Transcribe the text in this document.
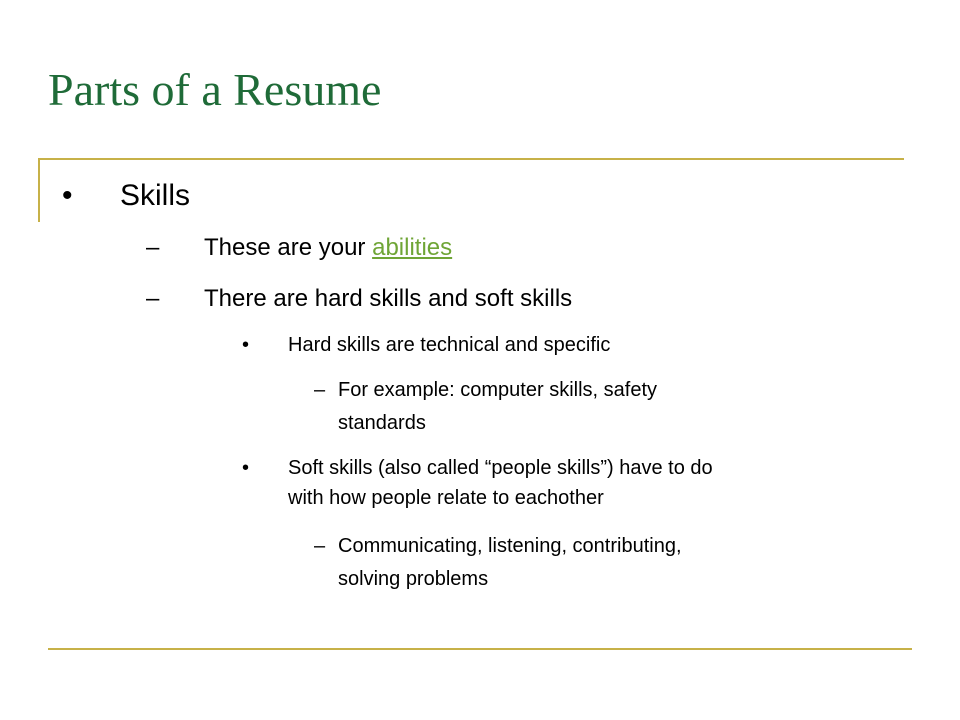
Parts of a Resume
• Skills
– These are your abilities
– There are hard skills and soft skills
• Hard skills are technical and specific
– For example: computer skills, safety
standards
• Soft skills (also called “people skills”) have to do
with how people relate to eachother
– Communicating, listening, contributing,
solving problems
